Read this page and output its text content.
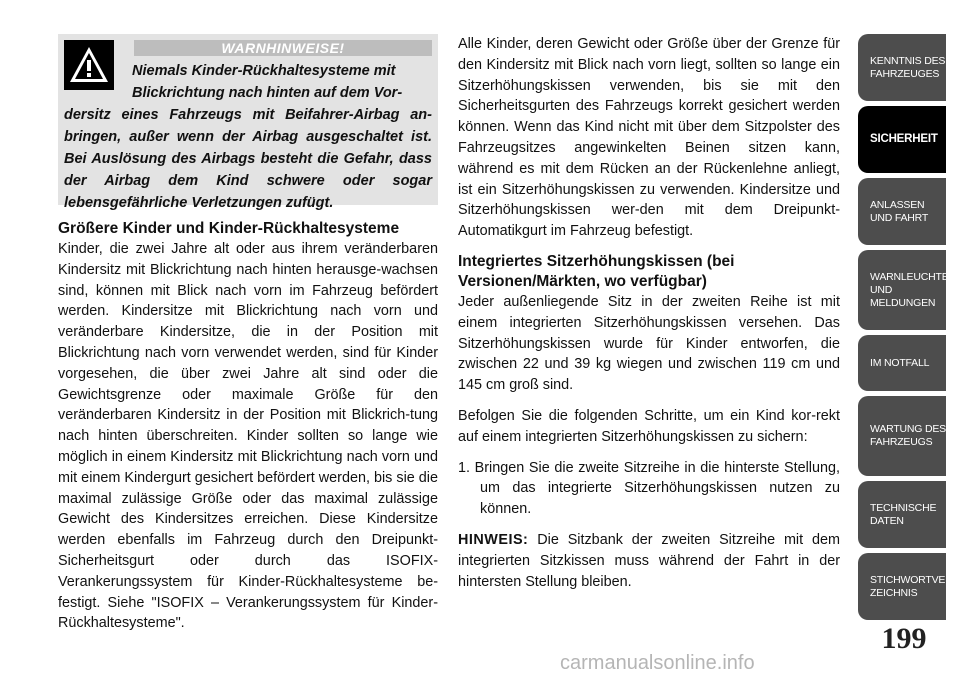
WARNHINWEISE!
Niemals Kinder-Rückhaltesysteme mit
Blickrichtung nach hinten auf dem Vor-
dersitz eines Fahrzeugs mit Beifahrer-Airbag an-bringen, außer wenn der Airbag ausgeschaltet ist. Bei Auslösung des Airbags besteht die Gefahr, dass der Airbag dem Kind schwere oder sogar lebensgefährliche Verletzungen zufügt.

Größere Kinder und Kinder-Rückhaltesysteme

Kinder, die zwei Jahre alt oder aus ihrem veränderbaren Kindersitz mit Blickrichtung nach hinten herausge-wachsen sind, können mit Blick nach vorn im Fahrzeug befördert werden. Kindersitze mit Blickrichtung nach vorn und veränderbare Kindersitze, die in der Position mit Blickrichtung nach vorn verwendet werden, sind für Kinder vorgesehen, die über zwei Jahre alt sind oder die Gewichtsgrenze oder maximale Größe für den veränderbaren Kindersitz in der Position mit Blickrich-tung nach hinten überschreiten. Kinder sollten so lange wie möglich in einem Kindersitz mit Blickrichtung nach vorn und mit einem Kindergurt gesichert befördert werden, bis sie die maximal zulässige Größe oder das maximal zulässige Gewicht des Kindersitzes erreichen. Diese Kindersitze werden ebenfalls im Fahrzeug durch den Dreipunkt-Sicherheitsgurt oder durch das ISOFIX-Verankerungssystem für Kinder-Rückhaltesysteme be-festigt. Siehe "ISOFIX – Verankerungssystem für Kinder-Rückhaltesysteme".

Alle Kinder, deren Gewicht oder Größe über der Grenze für den Kindersitz mit Blick nach vorn liegt, sollten so lange ein Sitzerhöhungskissen verwenden, bis sie mit den Sicherheitsgurten des Fahrzeugs korrekt gesichert werden können. Wenn das Kind nicht mit über dem Sitzpolster des Fahrzeugsitzes angewinkelten Beinen sitzen kann, während es mit dem Rücken an der Rückenlehne anliegt, ist ein Sitzerhöhungskissen zu verwenden. Kindersitze und Sitzerhöhungskissen wer-den mit dem Dreipunkt-Automatikgurt im Fahrzeug befestigt.

Integriertes Sitzerhöhungskissen (bei Versionen/Märkten, wo verfügbar)

Jeder außenliegende Sitz in der zweiten Reihe ist mit einem integrierten Sitzerhöhungskissen versehen. Das Sitzerhöhungskissen wurde für Kinder entworfen, die zwischen 22 und 39 kg wiegen und zwischen 119 cm und 145 cm groß sind.

Befolgen Sie die folgenden Schritte, um ein Kind kor-rekt auf einem integrierten Sitzerhöhungskissen zu sichern:

1. Bringen Sie die zweite Sitzreihe in die hinterste Stellung, um das integrierte Sitzerhöhungskissen nutzen zu können.

HINWEIS: Die Sitzbank der zweiten Sitzreihe mit dem integrierten Sitzkissen muss während der Fahrt in der hintersten Stellung bleiben.

KENNTNIS DES FAHRZEUGES
SICHERHEIT
ANLASSEN UND FAHRT
WARNLEUCHTEN UND MELDUNGEN
IM NOTFALL
WARTUNG DES FAHRZEUGS
TECHNISCHE DATEN
STICHWORTVER-ZEICHNIS
199
carmanualsonline.info
